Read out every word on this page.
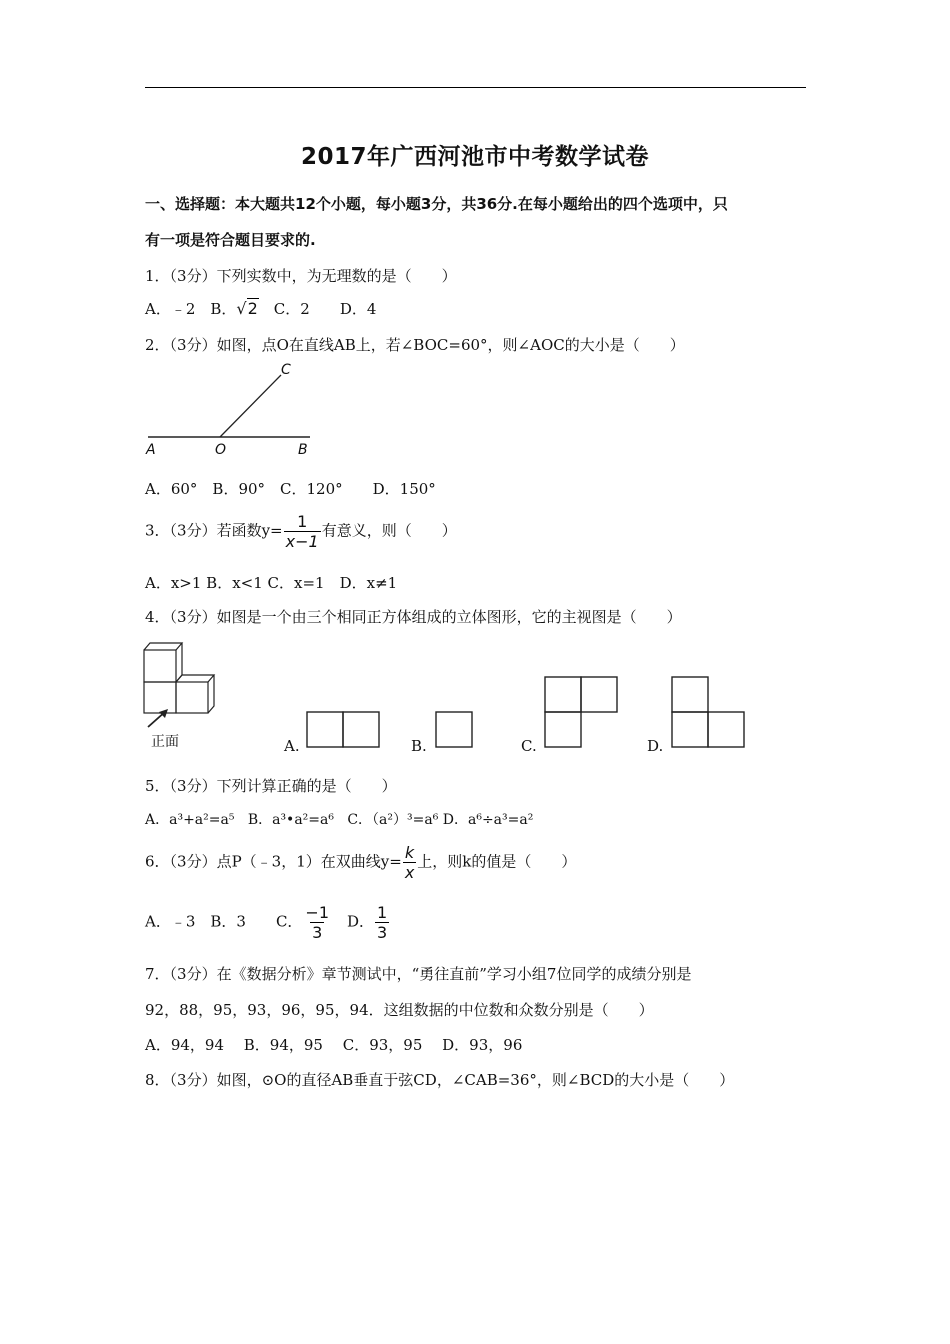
2017年广西河池市中考数学试卷
一、选择题：本大题共12个小题，每小题3分，共36分.在每小题给出的四个选项中，只
有一项是符合题目要求的.
1．（3分）下列实数中，为无理数的是（　　）
A．﹣2　B．√2　C．2　　D．4
2．（3分）如图，点O在直线AB上，若∠BOC=60°，则∠AOC的大小是（　　）
C
A	O	B
A．60°　B．90°　C．120°　　D．150°
3．（3分）若函数$y= \frac{1}{x-1}$ 有意义，则（　　）
A．x>1 B．x<1 C．x=1　D．x≠1
4．（3分）如图是一个由三个相同正方体组成的立体图形，它的主视图是（　　）
正面	A.	B.	C.	D.
5．（3分）下列计算正确的是（　　）
A．a³+a²=a⁵ B．a³•a²=a⁶ C．（a²）³=a⁶ D．a⁶÷a³=a²
6．（3分）点P（﹣3，1）在双曲线$y= \frac{k}{x}$ 上，则k的值是（　　）
A．﹣3　B．3　　C． $\frac{-1}{3}$ 　D． $\frac{1}{3}$
7．（3分）在《数据分析》章节测试中，“勇往直前”学习小组7位同学的成绩分别是
92，88，95，93，96，95，94．这组数据的中位数和众数分别是（　　）
A．94，94　 B．94，95　 C．93，95　 D．93，96
8．（3分）如图，⊙O的直径AB垂直于弦CD，∠CAB=36°，则∠BCD的大小是（　　）
